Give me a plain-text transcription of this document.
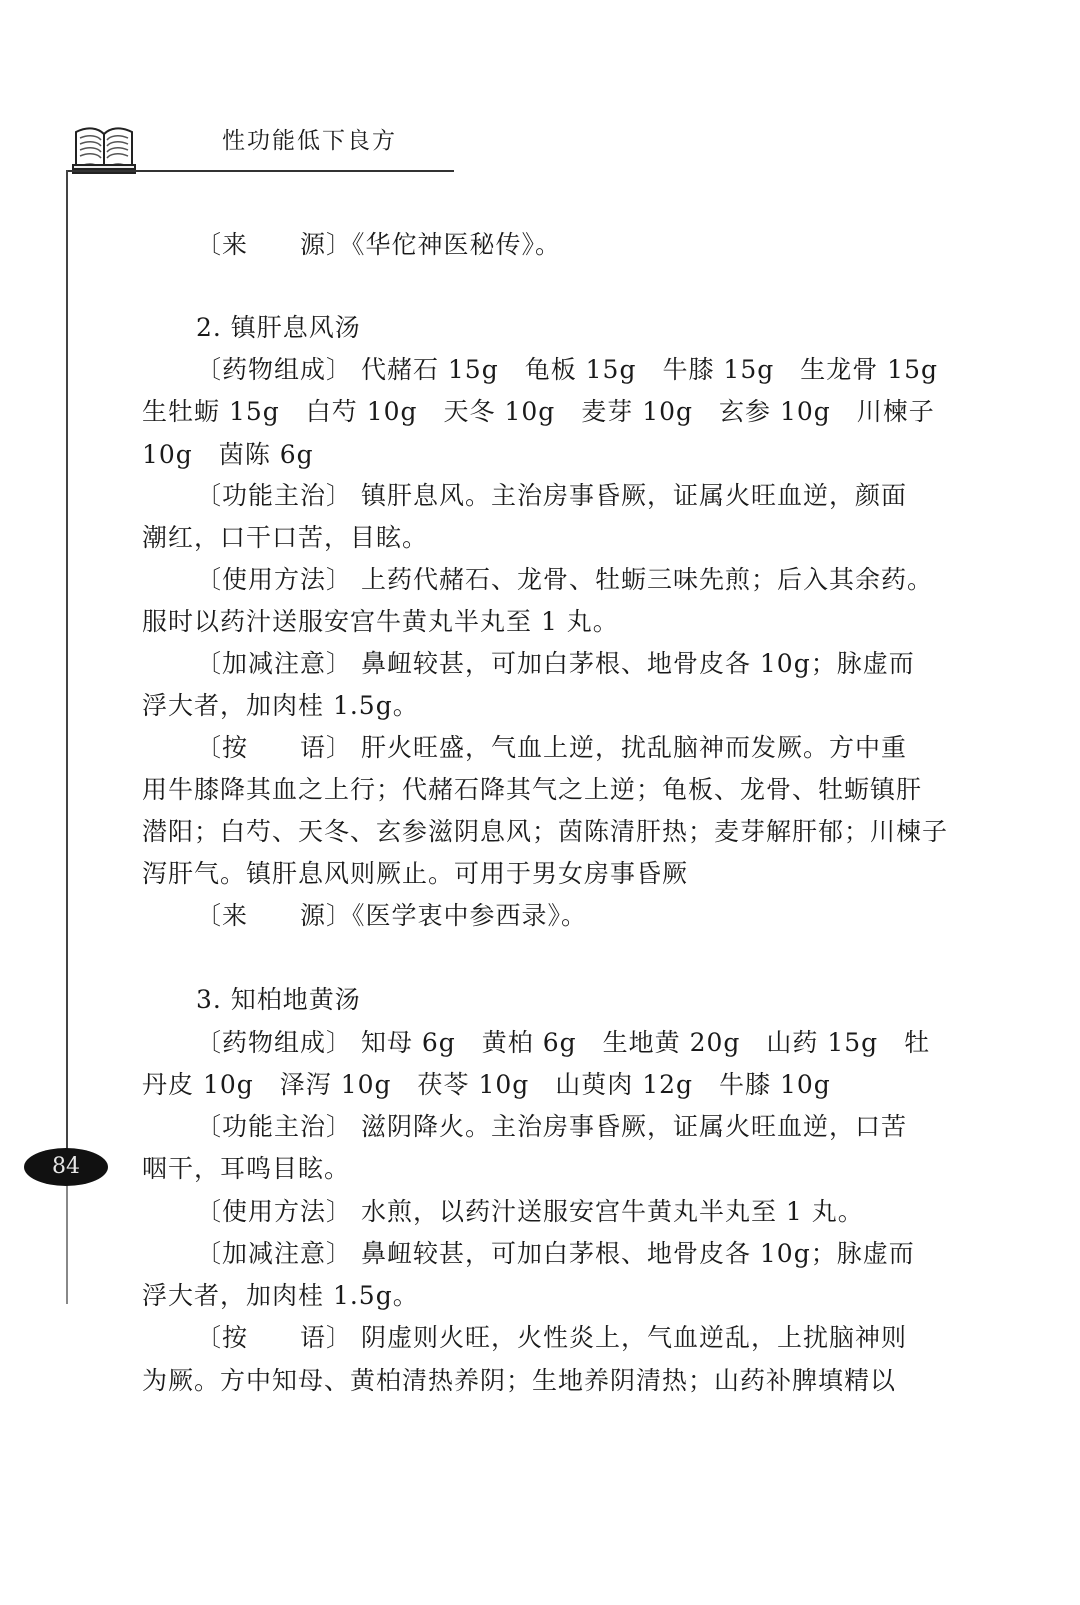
性功能低下良方
84
〔来　　源〕《华佗神医秘传》。
2. 镇肝息风汤
〔药物组成〕 代赭石 15g　龟板 15g　牛膝 15g　生龙骨 15g
生牡蛎 15g　白芍 10g　天冬 10g　麦芽 10g　玄参 10g　川楝子
10g　茵陈 6g
〔功能主治〕 镇肝息风。主治房事昏厥，证属火旺血逆，颜面
潮红，口干口苦，目眩。
〔使用方法〕 上药代赭石、龙骨、牡蛎三味先煎；后入其余药。
服时以药汁送服安宫牛黄丸半丸至 1 丸。
〔加减注意〕 鼻衄较甚，可加白茅根、地骨皮各 10g；脉虚而
浮大者，加肉桂 1.5g。
〔按　　语〕 肝火旺盛，气血上逆，扰乱脑神而发厥。方中重
用牛膝降其血之上行；代赭石降其气之上逆；龟板、龙骨、牡蛎镇肝
潜阳；白芍、天冬、玄参滋阴息风；茵陈清肝热；麦芽解肝郁；川楝子
泻肝气。镇肝息风则厥止。可用于男女房事昏厥
〔来　　源〕《医学衷中参西录》。
3. 知柏地黄汤
〔药物组成〕 知母 6g　黄柏 6g　生地黄 20g　山药 15g　牡
丹皮 10g　泽泻 10g　茯苓 10g　山萸肉 12g　牛膝 10g
〔功能主治〕 滋阴降火。主治房事昏厥，证属火旺血逆，口苦
咽干，耳鸣目眩。
〔使用方法〕 水煎，以药汁送服安宫牛黄丸半丸至 1 丸。
〔加减注意〕 鼻衄较甚，可加白茅根、地骨皮各 10g；脉虚而
浮大者，加肉桂 1.5g。
〔按　　语〕 阴虚则火旺，火性炎上，气血逆乱，上扰脑神则
为厥。方中知母、黄柏清热养阴；生地养阴清热；山药补脾填精以
